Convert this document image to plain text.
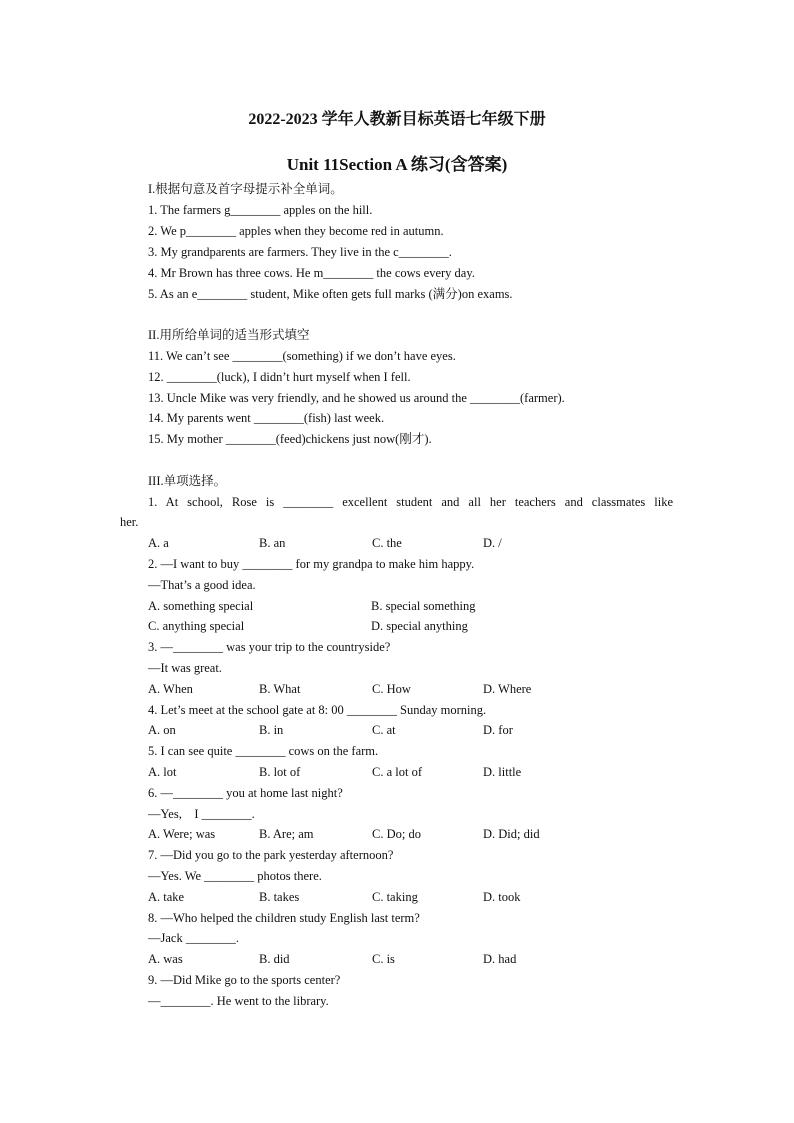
2022-2023 学年人教新目标英语七年级下册
Unit 11Section A 练习(含答案)
I.根据句意及首字母提示补全单词。
1. The farmers g________ apples on the hill.
2. We p________ apples when they become red in autumn.
3. My grandparents are farmers. They live in the c________.
4. Mr Brown has three cows. He m________ the cows every day.
5. As an e________ student, Mike often gets full marks (满分)on exams.
II.用所给单词的适当形式填空
11. We can’t see ________(something) if we don’t have eyes.
12. ________(luck), I didn’t hurt myself when I fell.
13. Uncle Mike was very friendly, and he showed us around the ________(farmer).
14. My parents went ________(fish) last week.
15. My mother ________(feed)chickens just now(刚才).
III.单项选择。
1. At school, Rose is ________ excellent student and all her teachers and classmates like
her.
A. a	B. an	C. the	D. /
2. —I want to buy ________ for my grandpa to make him happy.
—That’s a good idea.
A. something special	B. special something
C. anything special	D. special anything
3. —________ was your trip to the countryside?
—It was great.
A. When	B. What	C. How	D. Where
4. Let’s meet at the school gate at 8: 00 ________ Sunday morning.
A. on	B. in	C. at	D. for
5. I can see quite ________ cows on the farm.
A. lot	B. lot of	C. a lot of	D. little
6. —________ you at home last night?
—Yes,    I ________.
A. Were; was	B. Are; am	C. Do; do	D. Did; did
7. —Did you go to the park yesterday afternoon?
—Yes. We ________ photos there.
A. take	B. takes	C. taking	D. took
8. —Who helped the children study English last term?
—Jack ________.
A. was	B. did	C. is	D. had
9. —Did Mike go to the sports center?
—________. He went to the library.
